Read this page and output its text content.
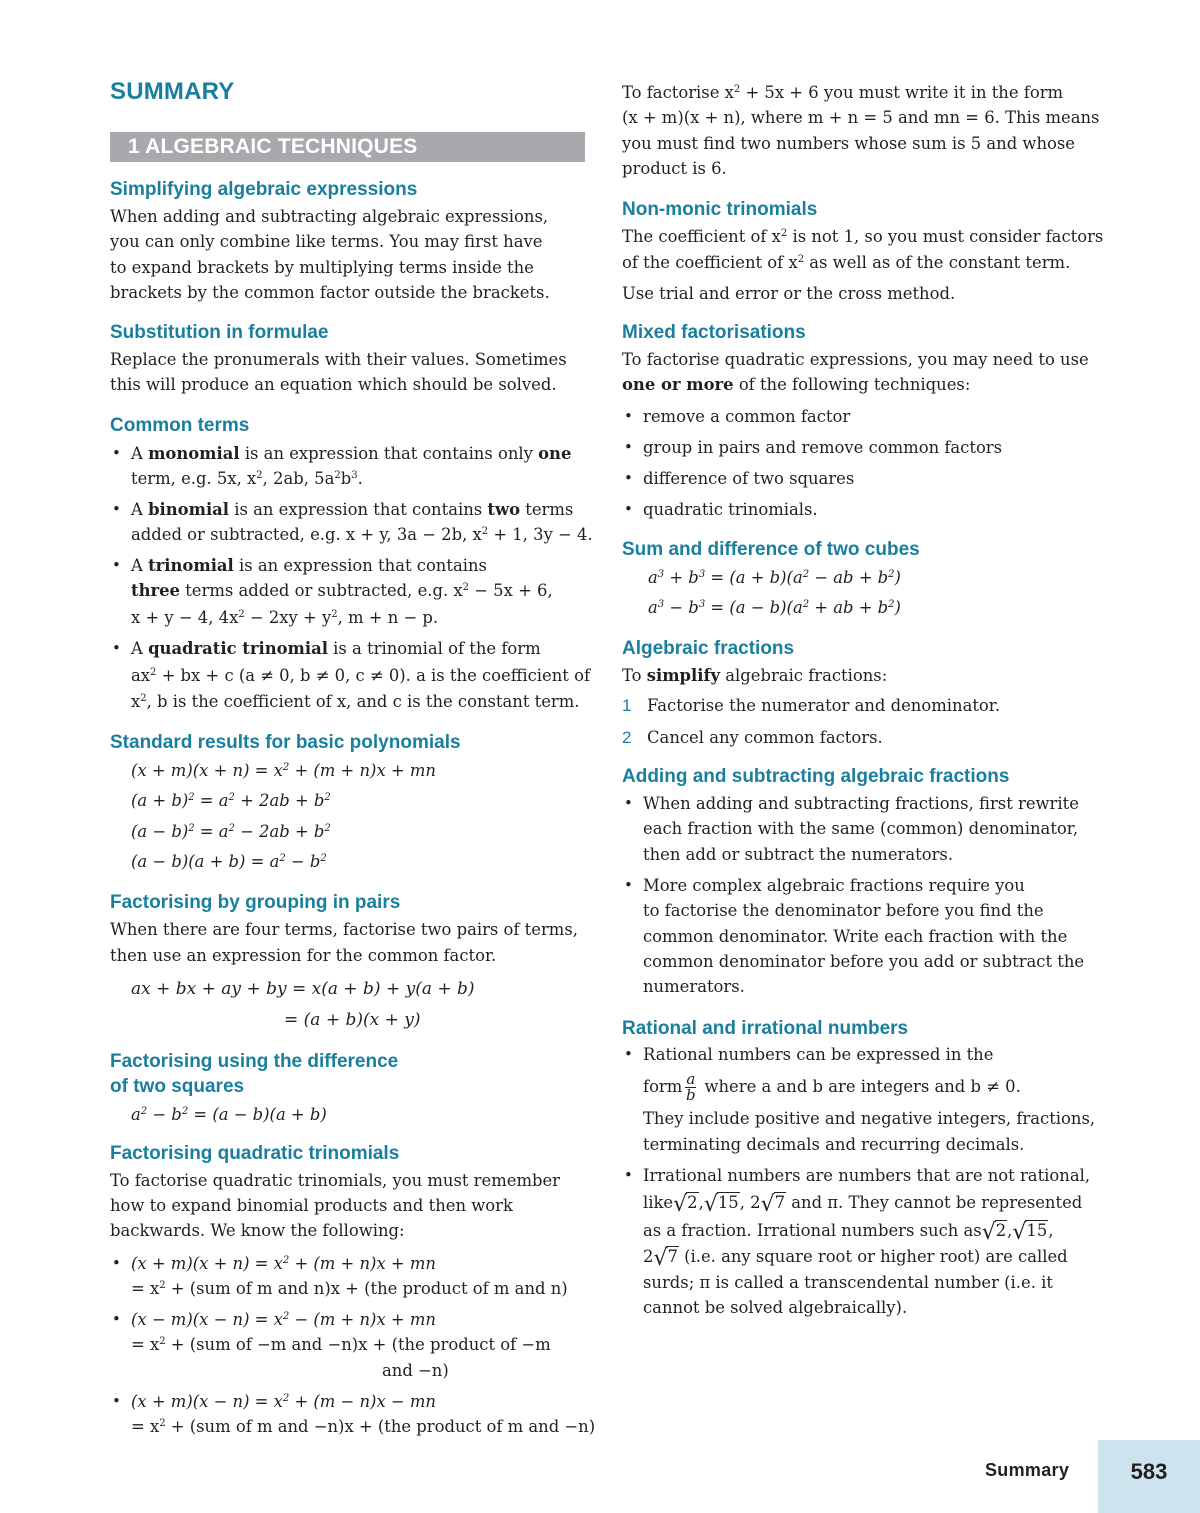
SUMMARY
1 ALGEBRAIC TECHNIQUES
Simplifying algebraic expressions

When adding and subtracting algebraic expressions,

you can only combine like terms. You may first have

to expand brackets by multiplying terms inside the

brackets by the common factor outside the brackets.

Substitution in formulae

Replace the pronumerals with their values. Sometimes

this will produce an equation which should be solved.

Common terms
• A monomial is an expression that contains only one

term, e.g. 5x, $x^2$, 2ab, $5a^2b^3$.

• A binomial is an expression that contains two terms

added or subtracted, e.g. x + y, 3a − 2b, $x^2 + 1$, 3y − 4.

• A trinomial is an expression that contains

three terms added or subtracted, e.g. $x^2 - 5x + 6$,

x + y − 4, $4x^2 - 2xy + y^2$, m + n − p.

• A quadratic trinomial is a trinomial of the form

$ax^2$ + bx + c (a ≠ 0, b ≠ 0, c ≠ 0). a is the coefficient of

$x^2$, b is the coefficient of x, and c is the constant term.

Standard results for basic polynomials

$(x + m)(x + n) = x^2 + (m + n)x$ + mn

$(a + b)^2 = a^2 + 2ab + b^2$

$(a - b)^2 = a^2 - 2ab + b^2$

$(a - b)(a + b) = a^2 - b^2$

Factorising by grouping in pairs

When there are four terms, factorise two pairs of terms,

then use an expression for the common factor.

ax + bx + ay + by = x(a + b) + y(a + b)

= (a + b)(x + y)

Factorising using the difference
of two squares

$a^2 - b^2 = (a - b)(a + b)$

Factorising quadratic trinomials

To factorise quadratic trinomials, you must remember

how to expand binomial products and then work

backwards. We know the following:

• $(x + m)(x + n) = x^2 + (m + n)x$ + mn

= $x^2 + (sum$ of m and n)x + (the product of m and n)

• $(x - m)(x - n) = x^2 - (m + n)x$ + mn

= $x^2 + (sum$ of −m and −n)x + (the product of −m

and −n)

• $(x + m)(x - n) = x^2 + (m - n)x$ − mn

= $x^2 + (sum$ of m and −n)x + (the product of m and −n)

To factorise $x^2 + 5x + 6$ you must write it in the form

(x + m)(x + n), where m + n = 5 and mn = 6. This means

you must find two numbers whose sum is 5 and whose

product is 6.

Non-monic trinomials

The coefficient of $x^2$ is not 1, so you must consider factors

of the coefficient of $x^2$ as well as of the constant term.

Use trial and error or the cross method.

Mixed factorisations

To factorise quadratic expressions, you may need to use

one or more of the following techniques:

• remove a common factor

• group in pairs and remove common factors

• difference of two squares

• quadratic trinomials.

Sum and difference of two cubes

$a^3 + b^3 = (a + b)(a^2$ − ab + $b^2$)

$a^3 - b^3 = (a - b)(a^2$ + ab + $b^2$)

Algebraic fractions

To simplify algebraic fractions:

1 Factorise the numerator and denominator.

2 Cancel any common factors.

Adding and subtracting algebraic fractions
• When adding and subtracting fractions, first rewrite

each fraction with the same (common) denominator,

then add or subtract the numerators.

• More complex algebraic fractions require you

to factorise the denominator before you find the

common denominator. Write each fraction with the

common denominator before you add or subtract the

numerators.

Rational and irrational numbers
• Rational numbers can be expressed in the

form $\frac{a}{b}$ where a and b are integers and b ≠ 0.

They include positive and negative integers, fractions,

terminating decimals and recurring decimals.

• Irrational numbers are numbers that are not rational,

like√2,√15, 2√7 and π. They cannot be represented

as a fraction. Irrational numbers such as√2,√15,

2√7 (i.e. any square root or higher root) are called

surds; π is called a transcendental number (i.e. it

cannot be solved algebraically).

Summary	583
